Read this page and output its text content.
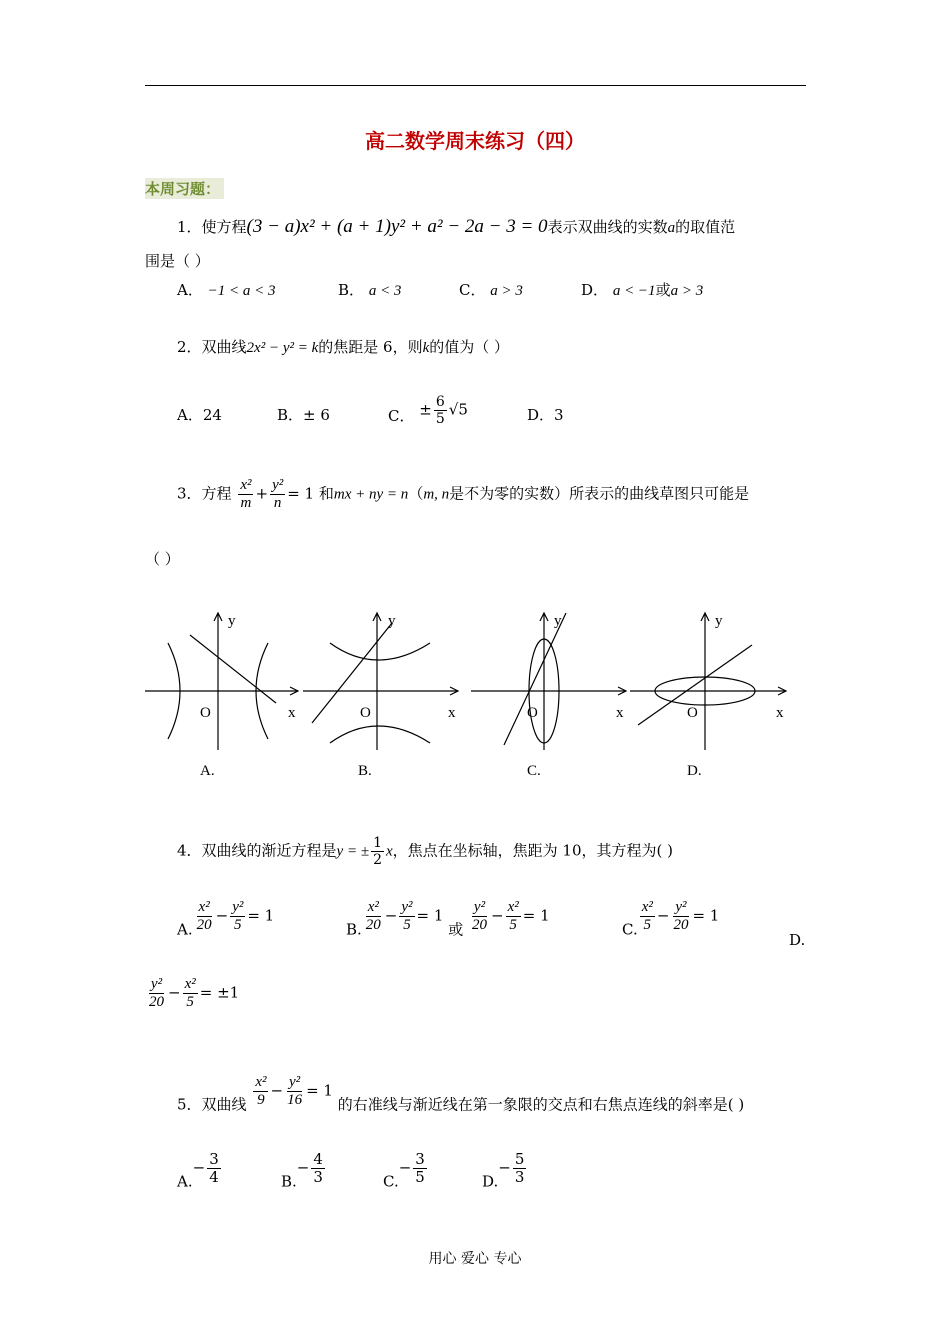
高二数学周末练习（四）
本周习题：
1．使方程(3 − a)x² + (a + 1)y² + a² − 2a − 3 = 0表示双曲线的实数a的取值范
围是（ ）
A． −1 < a < 3	B． a < 3	C． a > 3	D． a < −1或a > 3
2．双曲线2x² − y² = k的焦距是 6，则k的值为（ ）
A．24	B．± 6	C． ± $\frac{6}{5} √5$	D．3
3．方程 $\frac{\text{x²}}{m} + \frac{\text{y²}}{n} = 1$ 和mx + ny = n（m, n是不为零的实数）所表示的曲线草图只可能是
（ ）
y
x
O
A.
y
x
O
B.
y
x
O
C.
y
x
O
D.
4．双曲线的渐近方程是y = ± $\frac{1}{2}$ x，焦点在坐标轴，焦距为 10，其方程为( )
A. $\frac{\text{x²}}{20} - \frac{\text{y²}}{5} = 1$
B. $\frac{\text{x²}}{20} - \frac{\text{y²}}{5} = 1$ 或 $\frac{\text{y²}}{20} - \frac{\text{x²}}{5} = 1$
C. $\frac{\text{x²}}{5} - \frac{\text{y²}}{20} = 1$
D.
$\frac{\text{y²}}{20} - \frac{\text{x²}}{5} = \pm 1$
5．双曲线 $\frac{\text{x²}}{9} - \frac{\text{y²}}{16} = 1$ 的右准线与渐近线在第一象限的交点和右焦点连线的斜率是( )
$A.- \frac{3}{4}$	$B.- \frac{4}{3}$	$C.- \frac{3}{5}$	$D.- \frac{5}{3}$
用心 爱心 专心
